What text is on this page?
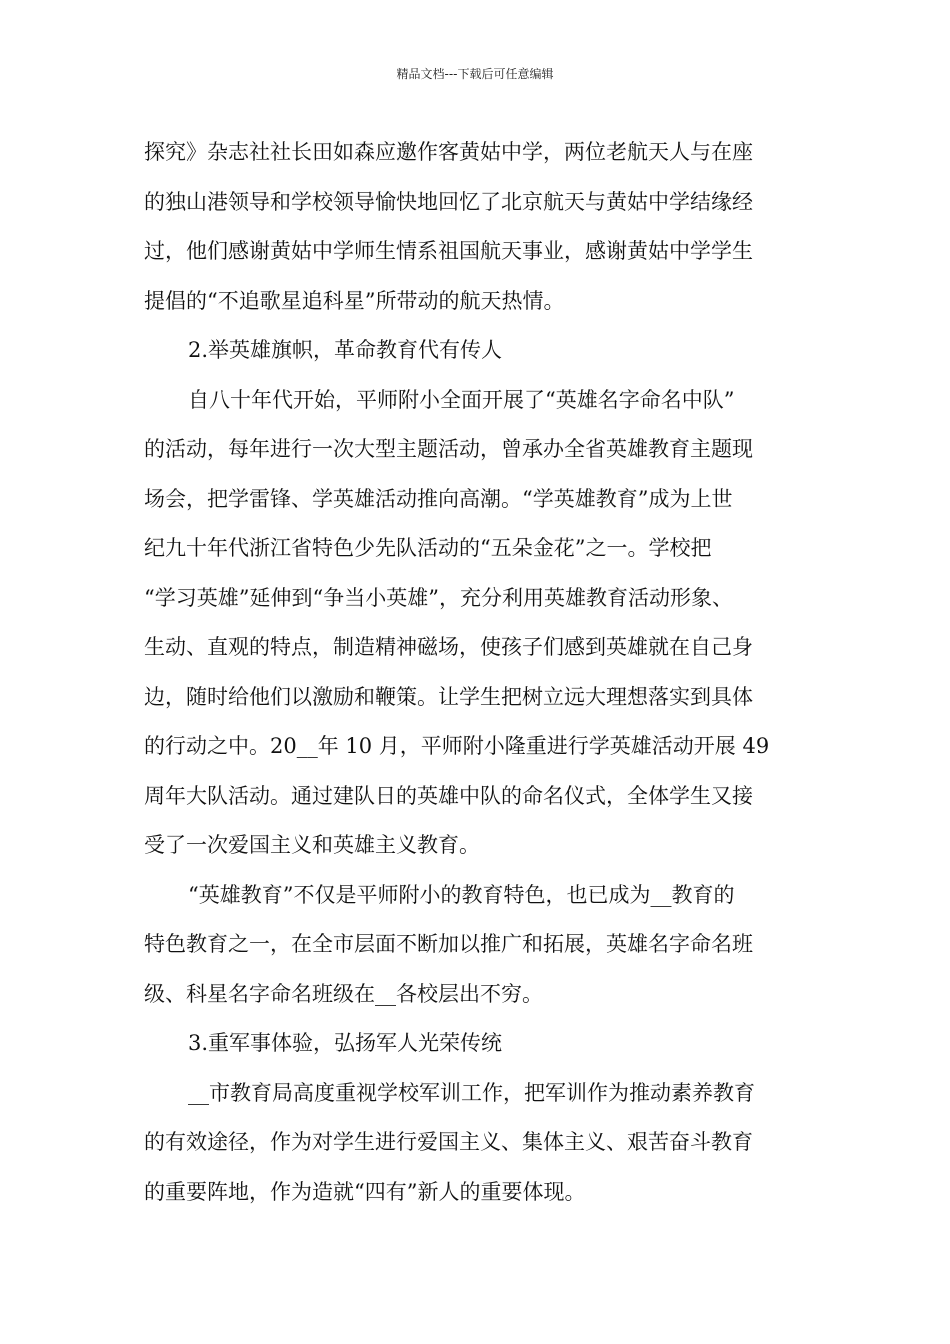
精品文档---下载后可任意编辑
探究》杂志社社长田如森应邀作客黄姑中学，两位老航天人与在座
的独山港领导和学校领导愉快地回忆了北京航天与黄姑中学结缘经
过，他们感谢黄姑中学师生情系祖国航天事业，感谢黄姑中学学生
提倡的“不追歌星追科星”所带动的航天热情。
2.举英雄旗帜，革命教育代有传人
自八十年代开始，平师附小全面开展了“英雄名字命名中队”
的活动，每年进行一次大型主题活动，曾承办全省英雄教育主题现
场会，把学雷锋、学英雄活动推向高潮。“学英雄教育”成为上世
纪九十年代浙江省特色少先队活动的“五朵金花”之一。学校把
“学习英雄”延伸到“争当小英雄”，充分利用英雄教育活动形象、
生动、直观的特点，制造精神磁场，使孩子们感到英雄就在自己身
边，随时给他们以激励和鞭策。让学生把树立远大理想落实到具体
的行动之中。20__年 10 月，平师附小隆重进行学英雄活动开展 49
周年大队活动。通过建队日的英雄中队的命名仪式，全体学生又接
受了一次爱国主义和英雄主义教育。
“英雄教育”不仅是平师附小的教育特色，也已成为__教育的
特色教育之一，在全市层面不断加以推广和拓展，英雄名字命名班
级、科星名字命名班级在__各校层出不穷。
3.重军事体验，弘扬军人光荣传统
__市教育局高度重视学校军训工作，把军训作为推动素养教育
的有效途径，作为对学生进行爱国主义、集体主义、艰苦奋斗教育
的重要阵地，作为造就“四有”新人的重要体现。
